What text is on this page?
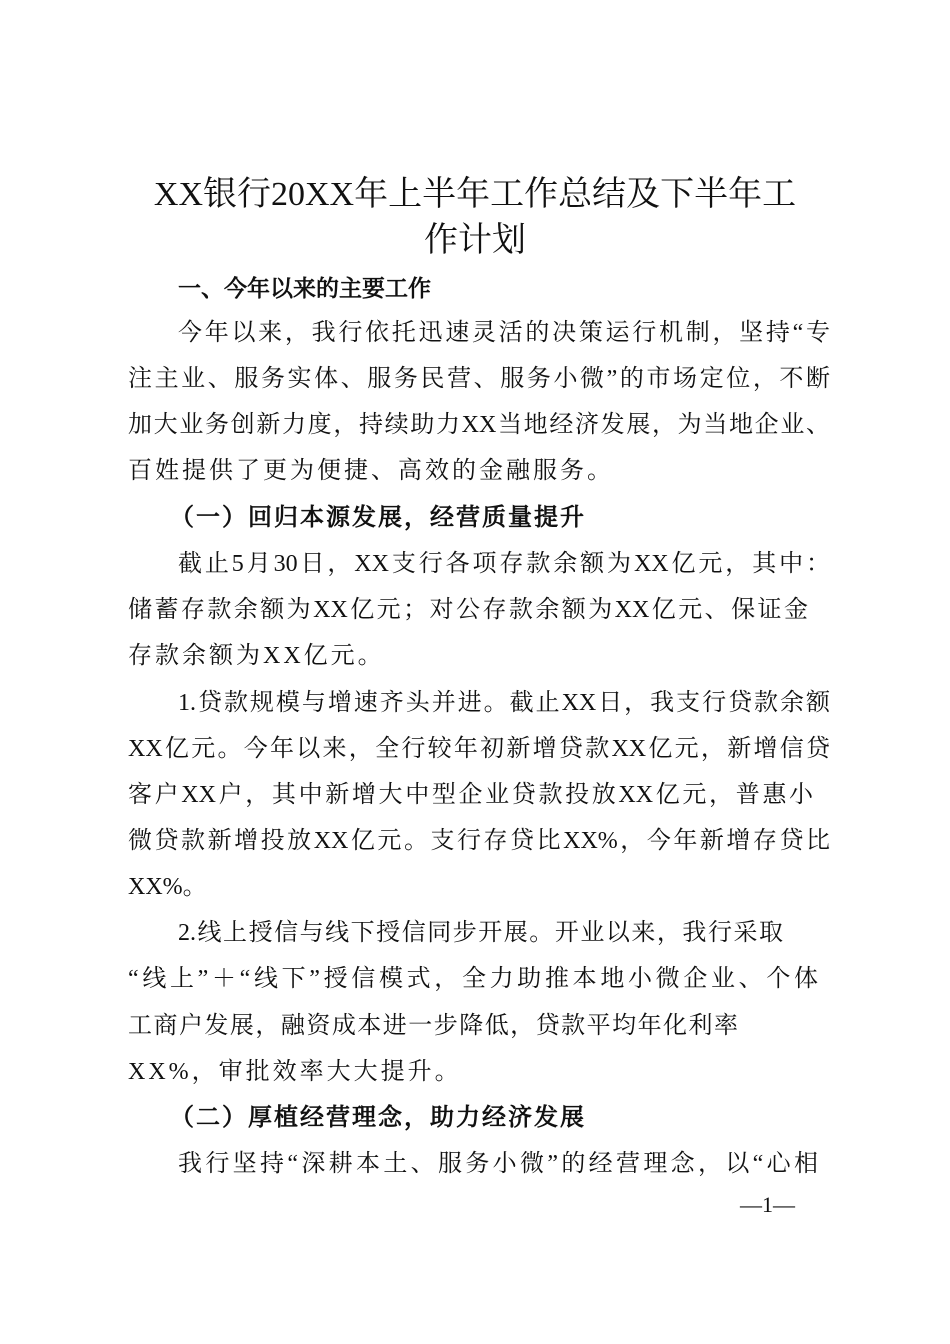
XX银行20XX年上半年工作总结及下半年工
作计划
一、今年以来的主要工作
今年以来，我行依托迅速灵活的决策运行机制，坚持“专
注主业、服务实体、服务民营、服务小微”的市场定位，不断
加大业务创新力度，持续助力XX当地经济发展，为当地企业、
百姓提供了更为便捷、高效的金融服务。
（一）回归本源发展，经营质量提升
截止5月30日，XX支行各项存款余额为XX亿元，其中：
储蓄存款余额为XX亿元；对公存款余额为XX亿元、保证金
存款余额为XX亿元。
1.贷款规模与增速齐头并进。截止XX日，我支行贷款余额
XX亿元。今年以来，全行较年初新增贷款XX亿元，新增信贷
客户XX户，其中新增大中型企业贷款投放XX亿元，普惠小
微贷款新增投放XX亿元。支行存贷比XX%，今年新增存贷比
XX%。
2.线上授信与线下授信同步开展。开业以来，我行采取
“线上”＋“线下”授信模式，全力助推本地小微企业、个体
工商户发展，融资成本进一步降低，贷款平均年化利率
XX%，审批效率大大提升。
（二）厚植经营理念，助力经济发展
我行坚持“深耕本土、服务小微”的经营理念，以“心相
—1—
